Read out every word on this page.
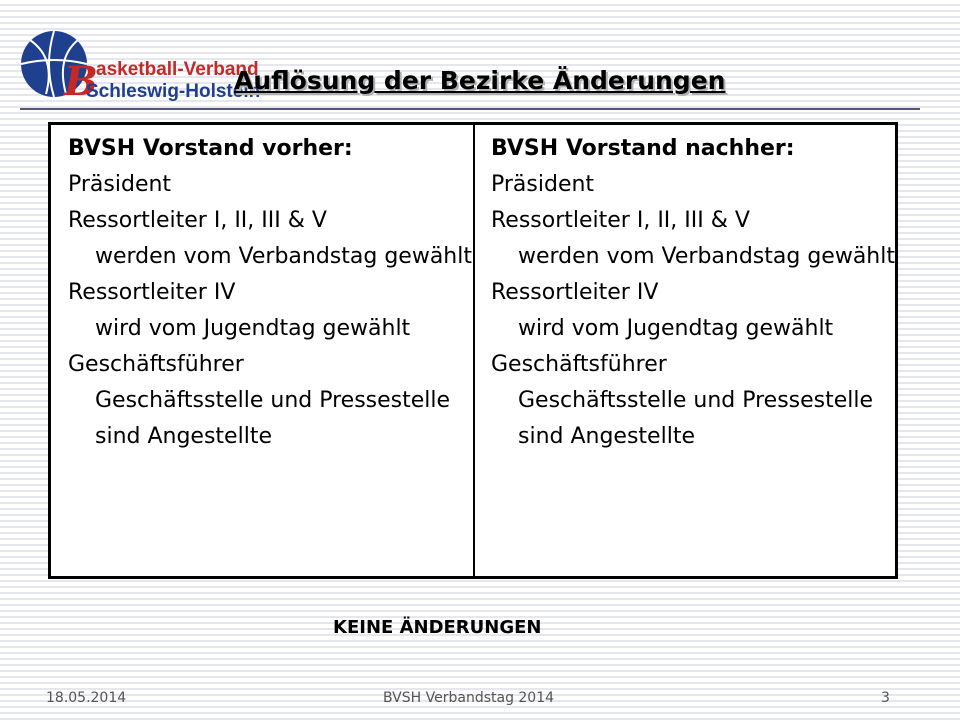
B
asketball-Verband
Schleswig-Holstein
Auflösung der Bezirke Änderungen
BVSH Vorstand vorher:
Präsident
Ressortleiter I, II, III & V
werden vom Verbandstag gewählt
Ressortleiter IV
wird vom Jugendtag gewählt
Geschäftsführer
Geschäftsstelle und Pressestelle
sind Angestellte
BVSH Vorstand nachher:
Präsident
Ressortleiter I, II, III & V
werden vom Verbandstag gewählt
Ressortleiter IV
wird vom Jugendtag gewählt
Geschäftsführer
Geschäftsstelle und Pressestelle
sind Angestellte
KEINE ÄNDERUNGEN
18.05.2014	BVSH Verbandstag 2014	3
